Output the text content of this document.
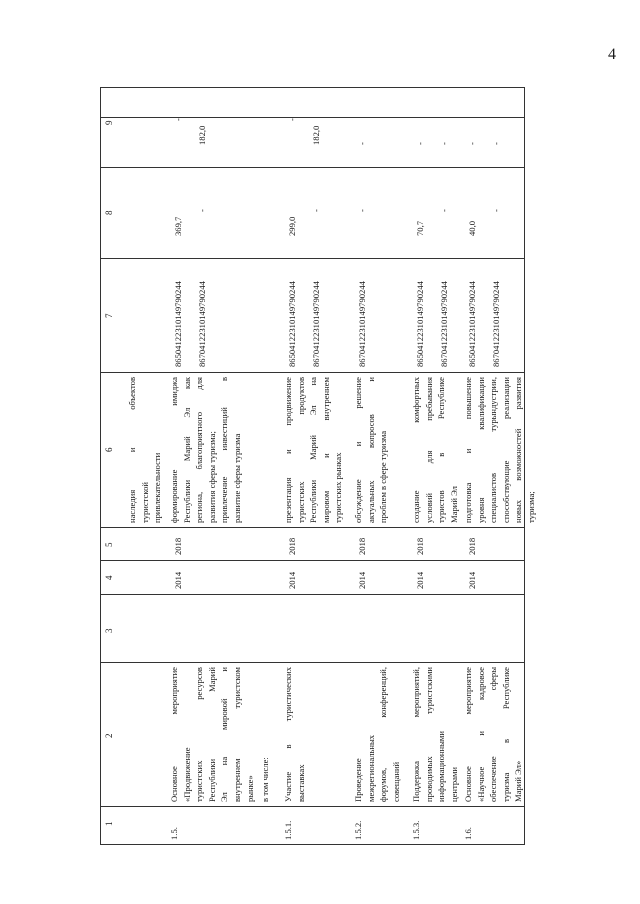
4
1
2
3
4
5
6
7
8
9
наследия и объектов туристской привлекательности
1.5.
Основное мероприятие «Продвижение туристских ресурсов Республики Марий Эл на мировой и внутреннем туристском рынке» в том числе:
2014
2018
формирование имиджа Республики Марий Эл как региона, благоприятного для развития сферы туризма; привлечение инвестиций в развитие сферы туризма
86504122310149790244 86704122310149790244
369,7
-
-
182,0
1.5.1.
Участие в туристических выставках
2014
2018
презентация и продвижение туристских продуктов Республики Марий Эл на мировом и внутреннем туристских рынках
86504122310149790244 86704122310149790244
299,0
-
-
182,0
1.5.2.
Проведение межрегиональных форумов, конференций, совещаний
2014
2018
обсуждение и решение актуальных вопросов и проблем в сфере туризма
86704122310149790244
-
-
1.5.3.
Поддержка мероприятий, проводимых туристскими информационными центрами
2014
2018
создание комфортных условий для пребывания туристов в Республике Марий Эл
86504122310149790244 86704122310149790244
70,7
-
- -
1.6.
Основное мероприятие «Научное и кадровое обеспечение сферы туризма в Республике Марий Эл»
2014
2018
подготовка и повышение уровня квалификации специалистов турындустрии, способствующие реализации новых возможностей развития туризма;
86504122310149790244 86704122310149790244
40,0
-
- -
